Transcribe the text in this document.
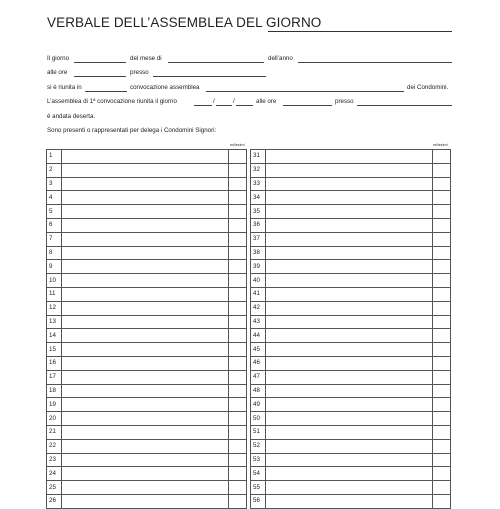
VERBALE DELL’ASSEMBLEA DEL GIORNO
Il giorno	del mese di	dell’anno
alle ore	presso
si è riunita in	convocazione assemblea	dei Condomini.
L’assemblea di 1ª convocazione riunita il giorno	/	/	alle ore	presso
è andata deserta.
Sono presenti o rappresentati per delega i Condomini Signori:
millesimi	millesimi
1		
2		
3		
4		
5		
6		
7		
8		
9		
10		
11		
12		
13		
14		
15		
16		
17		
18		
19		
20		
21		
22		
23		
24		
25		
26		
31		
32		
33		
34		
35		
36		
37		
38		
39		
40		
41		
42		
43		
44		
45		
46		
47		
48		
49		
50		
51		
52		
53		
54		
55		
56		
